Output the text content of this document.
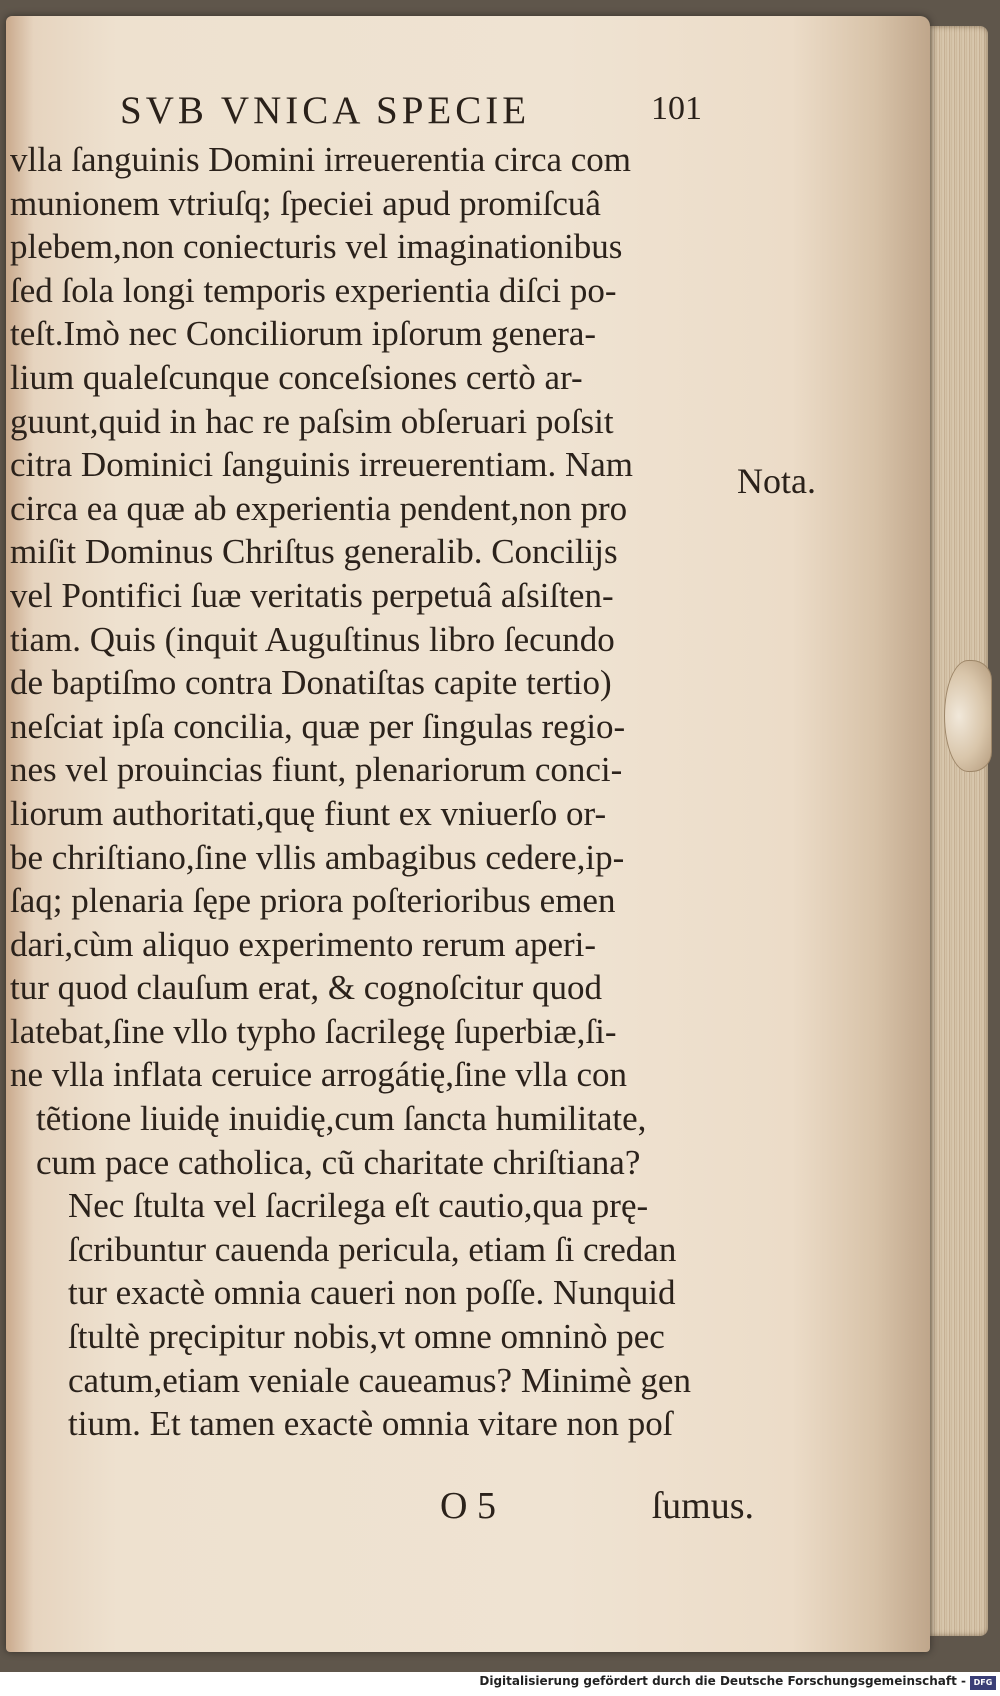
SVB VNICA SPECIE	101
vlla ſanguinis Domini irreuerentia circa com
munionem vtriuſq; ſpeciei apud promiſcuâ
plebem,non coniecturis vel imaginationibus
ſed ſola longi temporis experientia diſci po-
teſt.Imò nec Conciliorum ipſorum genera-
lium qualeſcunque conceſsiones certò ar-
guunt,quid in hac re paſsim obſeruari poſsit
citra Dominici ſanguinis irreuerentiam. Nam
circa ea quæ ab experientia pendent,non pro
miſit Dominus Chriſtus generalib. Concilijs
vel Pontifici ſuæ veritatis perpetuâ aſsiſten-
tiam. Quis (inquit Auguſtinus libro ſecundo
de baptiſmo contra Donatiſtas capite tertio)
neſciat ipſa concilia, quæ per ſingulas regio-
nes vel prouincias fiunt, plenariorum conci-
liorum authoritati,quę fiunt ex vniuerſo or-
be chriſtiano,ſine vllis ambagibus cedere,ip-
ſaq; plenaria ſępe priora poſterioribus emen
dari,cùm aliquo experimento rerum aperi-
tur quod clauſum erat, & cognoſcitur quod
latebat,ſine vllo typho ſacrilegę ſuperbiæ,ſi-
ne vlla inflata ceruice arrogátię,ſine vlla con
tẽtione liuidę inuidię,cum ſancta humilitate,
cum pace catholica, cũ charitate chriſtiana?
Nec ſtulta vel ſacrilega eſt cautio,qua prę-
ſcribuntur cauenda pericula, etiam ſi credan
tur exactè omnia caueri non poſſe. Nunquid
ſtultè pręcipitur nobis,vt omne omninò pec
catum,etiam veniale caueamus? Minimè gen
tium. Et tamen exactè omnia vitare non poſ
Nota.
O 5	ſumus.
Digitalisierung gefördert durch die Deutsche Forschungsgemeinschaft - DFG
